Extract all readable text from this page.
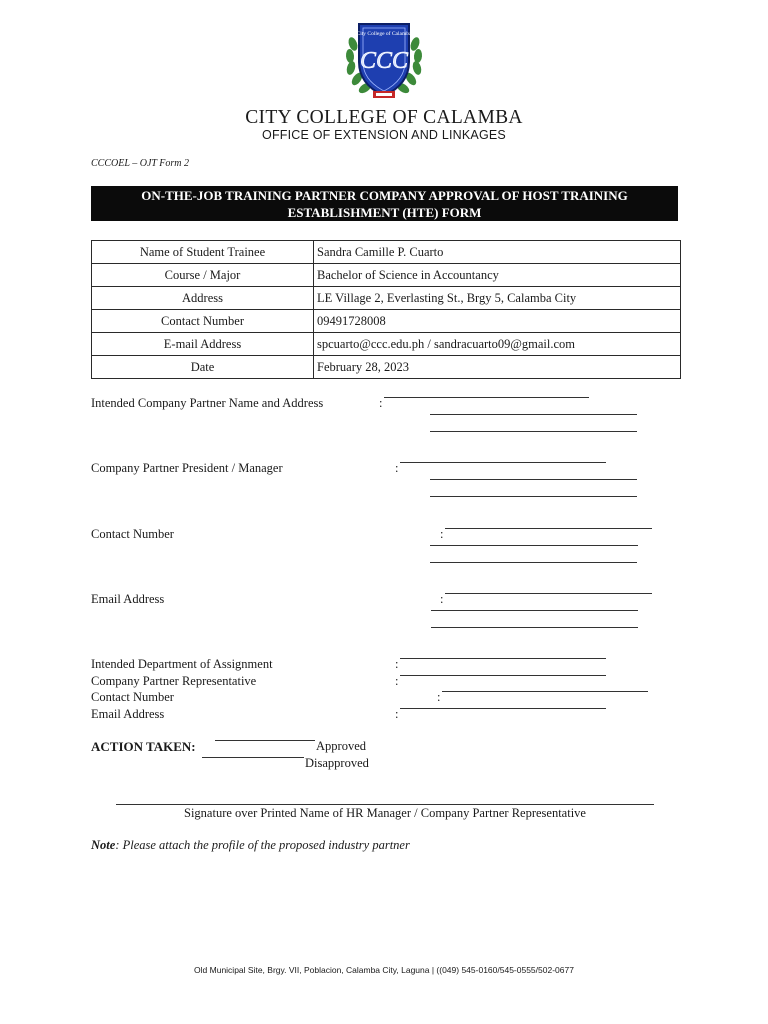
City College of Calamba
CCC
CITY COLLEGE OF CALAMBA
OFFICE OF EXTENSION AND LINKAGES
CCCOEL – OJT Form 2
ON-THE-JOB TRAINING PARTNER COMPANY APPROVAL OF HOST TRAINING
ESTABLISHMENT (HTE) FORM
Name of Student Trainee	Sandra Camille P. Cuarto
Course / Major	Bachelor of Science in Accountancy
Address	LE Village 2, Everlasting St., Brgy 5, Calamba City
Contact Number	09491728008
E-mail Address	spcuarto@ccc.edu.ph / sandracuarto09@gmail.com
Date	February 28, 2023
Intended Company Partner Name and Address	:
Company Partner President / Manager	:
Contact Number	:
Email Address	:
Intended Department of Assignment	:
Company Partner Representative	:
Contact Number	:
Email Address	:
ACTION TAKEN:	Approved
Disapproved
Signature over Printed Name of HR Manager / Company Partner Representative
Note: Please attach the profile of the proposed industry partner
Old Municipal Site, Brgy. VII, Poblacion, Calamba City, Laguna | ((049) 545-0160/545-0555/502-0677
